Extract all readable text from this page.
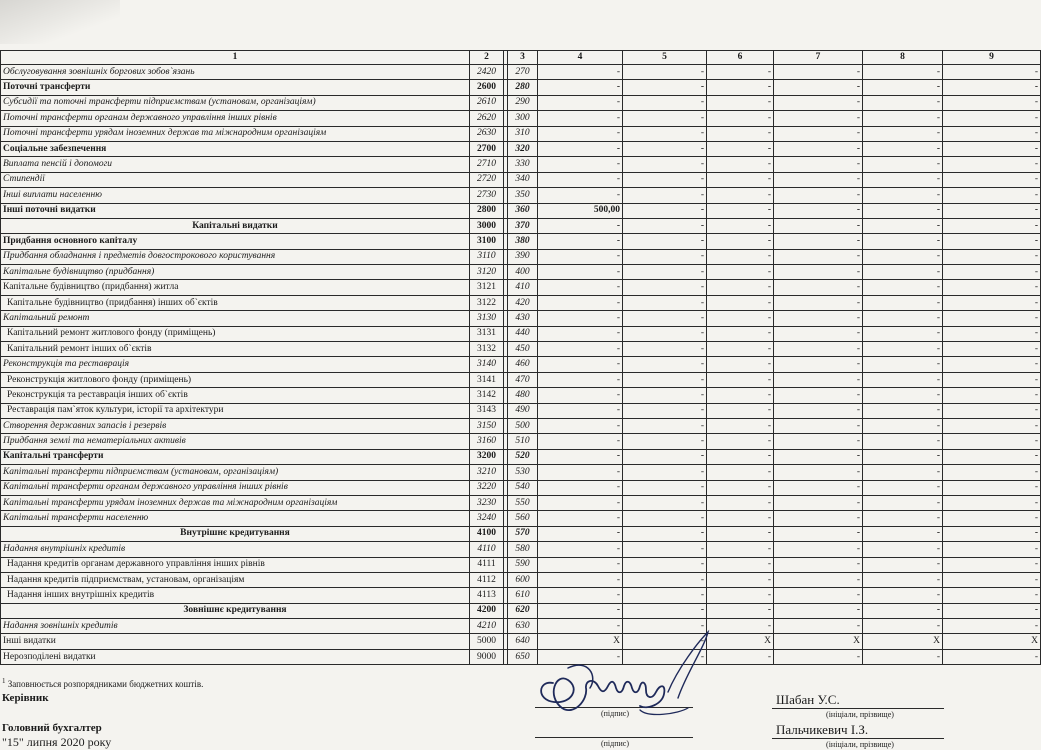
1	2		3	4	5	6	7	8	9
Обслуговування зовнішніх боргових зобов`язань	2420		270	-	-	-	-	-	-
Поточні трансферти	2600		280	-	-	-	-	-	-
Субсидії та поточні трансферти підприємствам (установам, організаціям)	2610		290	-	-	-	-	-	-
Поточні трансферти органам державного управління інших рівнів	2620		300	-	-	-	-	-	-
Поточні трансферти урядам іноземних держав та міжнародним організаціям	2630		310	-	-	-	-	-	-
Соціальне забезпечення	2700		320	-	-	-	-	-	-
Виплата пенсій і допомоги	2710		330	-	-	-	-	-	-
Стипендії	2720		340	-	-	-	-	-	-
Інші виплати населенню	2730		350	-	-	-	-	-	-
Інші поточні видатки	2800		360	500,00	-	-	-	-	-
Капітальні видатки	3000		370	-	-	-	-	-	-
Придбання основного капіталу	3100		380	-	-	-	-	-	-
Придбання обладнання і предметів довгострокового користування	3110		390	-	-	-	-	-	-
Капітальне будівництво (придбання)	3120		400	-	-	-	-	-	-
Капітальне будівництво (придбання) житла	3121		410	-	-	-	-	-	-
Капітальне будівництво (придбання) інших об`єктів	3122		420	-	-	-	-	-	-
Капітальний ремонт	3130		430	-	-	-	-	-	-
Капітальний ремонт житлового фонду (приміщень)	3131		440	-	-	-	-	-	-
Капітальний ремонт інших об`єктів	3132		450	-	-	-	-	-	-
Реконструкція та реставрація	3140		460	-	-	-	-	-	-
Реконструкція житлового фонду (приміщень)	3141		470	-	-	-	-	-	-
Реконструкція та реставрація інших об`єктів	3142		480	-	-	-	-	-	-
Реставрація пам`яток культури, історії та архітектури	3143		490	-	-	-	-	-	-
Створення державних запасів і резервів	3150		500	-	-	-	-	-	-
Придбання землі та нематеріальних активів	3160		510	-	-	-	-	-	-
Капітальні трансферти	3200		520	-	-	-	-	-	-
Капітальні трансферти підприємствам (установам, організаціям)	3210		530	-	-	-	-	-	-
Капітальні трансферти органам державного управління інших рівнів	3220		540	-	-	-	-	-	-
Капітальні трансферти урядам іноземних держав та міжнародним організаціям	3230		550	-	-	-	-	-	-
Капітальні трансферти населенню	3240		560	-	-	-	-	-	-
Внутрішнє кредитування	4100		570	-	-	-	-	-	-
Надання внутрішніх кредитів	4110		580	-	-	-	-	-	-
Надання кредитів органам державного управління інших рівнів	4111		590	-	-	-	-	-	-
Надання кредитів підприємствам, установам, організаціям	4112		600	-	-	-	-	-	-
Надання інших внутрішніх кредитів	4113		610	-	-	-	-	-	-
Зовнішнє кредитування	4200		620	-	-	-	-	-	-
Надання зовнішніх кредитів	4210		630	-	-	-	-	-	-
Інші видатки	5000		640	X	-	X	X	X	X
Нерозподілені видатки	9000		650	-	-	-	-	-	-
$^1$ Заповнюється розпорядниками бюджетних коштів.
Керівник
Головний бухгалтер
"15" липня 2020 року
(підпис)
(підпис)
Шабан У.С.
(ініціали, прізвище)
Пальчикевич І.З.
(ініціали, прізвище)
